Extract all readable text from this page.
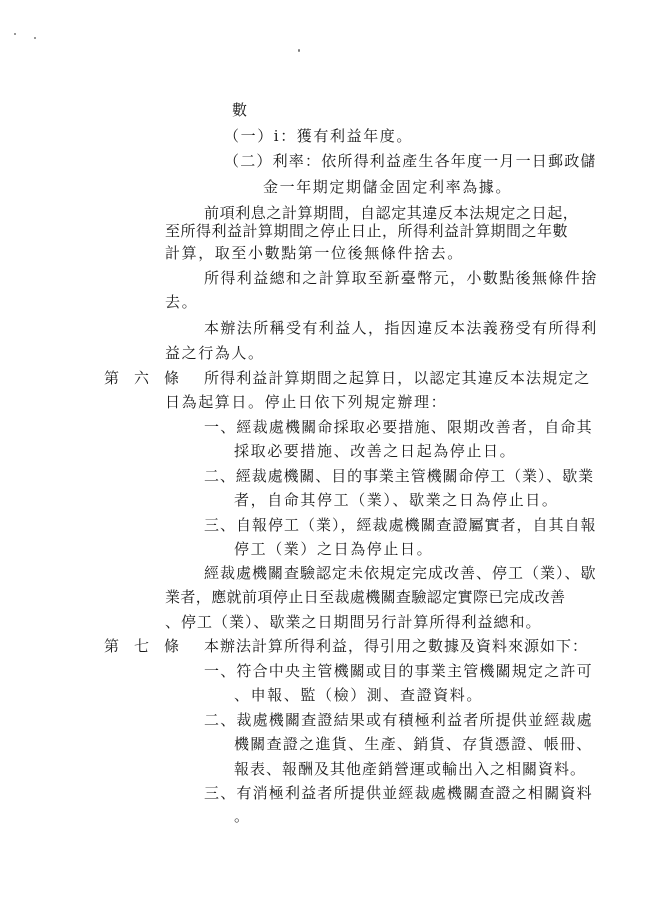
數
（一）i：獲有利益年度。
（二）利率：依所得利益產生各年度一月一日郵政儲
金一年期定期儲金固定利率為據。
前項利息之計算期間，自認定其違反本法規定之日起，
至所得利益計算期間之停止日止，所得利益計算期間之年數
計算，取至小數點第一位後無條件捨去。
所得利益總和之計算取至新臺幣元，小數點後無條件捨
去。
本辦法所稱受有利益人，指因違反本法義務受有所得利
益之行為人。
第 六 條 所得利益計算期間之起算日，以認定其違反本法規定之
日為起算日。停止日依下列規定辦理：
一、經裁處機關命採取必要措施、限期改善者，自命其
採取必要措施、改善之日起為停止日。
二、經裁處機關、目的事業主管機關命停工（業）、歇業
者，自命其停工（業）、歇業之日為停止日。
三、自報停工（業），經裁處機關查證屬實者，自其自報
停工（業）之日為停止日。
經裁處機關查驗認定未依規定完成改善、停工（業）、歇
業者，應就前項停止日至裁處機關查驗認定實際已完成改善
、停工（業）、歇業之日期間另行計算所得利益總和。
第 七 條 本辦法計算所得利益，得引用之數據及資料來源如下：
一、符合中央主管機關或目的事業主管機關規定之許可
、申報、監（檢）測、查證資料。
二、裁處機關查證結果或有積極利益者所提供並經裁處
機關查證之進貨、生產、銷貨、存貨憑證、帳冊、
報表、報酬及其他產銷營運或輸出入之相關資料。
三、有消極利益者所提供並經裁處機關查證之相關資料
。
